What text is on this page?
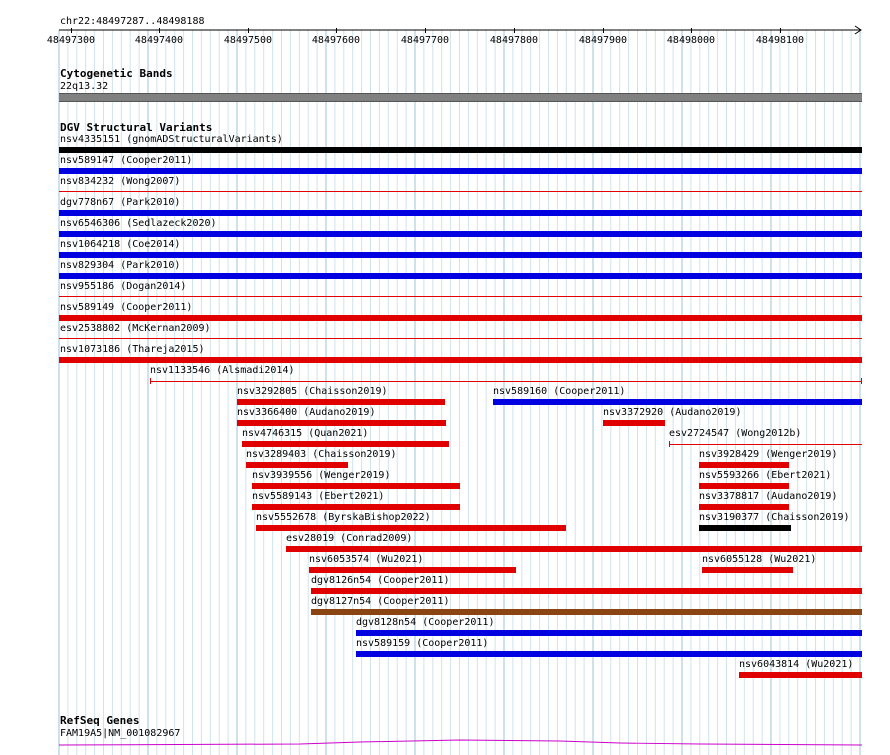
chr22:48497287..48498188
48497300	48497400	48497500	48497600	48497700	48497800	48497900	48498000	48498100
Cytogenetic Bands
22q13.32
DGV Structural Variants
nsv4335151 (gnomADStructuralVariants)
nsv589147 (Cooper2011)
nsv834232 (Wong2007)
dgv778n67 (Park2010)
nsv6546306 (Sedlazeck2020)
nsv1064218 (Coe2014)
nsv829304 (Park2010)
nsv955186 (Dogan2014)
nsv589149 (Cooper2011)
esv2538802 (McKernan2009)
nsv1073186 (Thareja2015)
nsv1133546 (Alsmadi2014)
nsv3292805 (Chaisson2019)	nsv589160 (Cooper2011)
nsv3366400 (Audano2019)	nsv3372920 (Audano2019)
nsv4746315 (Quan2021)	esv2724547 (Wong2012b)
nsv3289403 (Chaisson2019)	nsv3928429 (Wenger2019)
nsv3939556 (Wenger2019)	nsv5593266 (Ebert2021)
nsv5589143 (Ebert2021)	nsv3378817 (Audano2019)
nsv5552678 (ByrskaBishop2022)	nsv3190377 (Chaisson2019)
esv28019 (Conrad2009)
nsv6053574 (Wu2021)	nsv6055128 (Wu2021)
dgv8126n54 (Cooper2011)
dgv8127n54 (Cooper2011)
dgv8128n54 (Cooper2011)
nsv589159 (Cooper2011)
nsv6043814 (Wu2021)
RefSeq Genes
FAM19A5|NM_001082967
